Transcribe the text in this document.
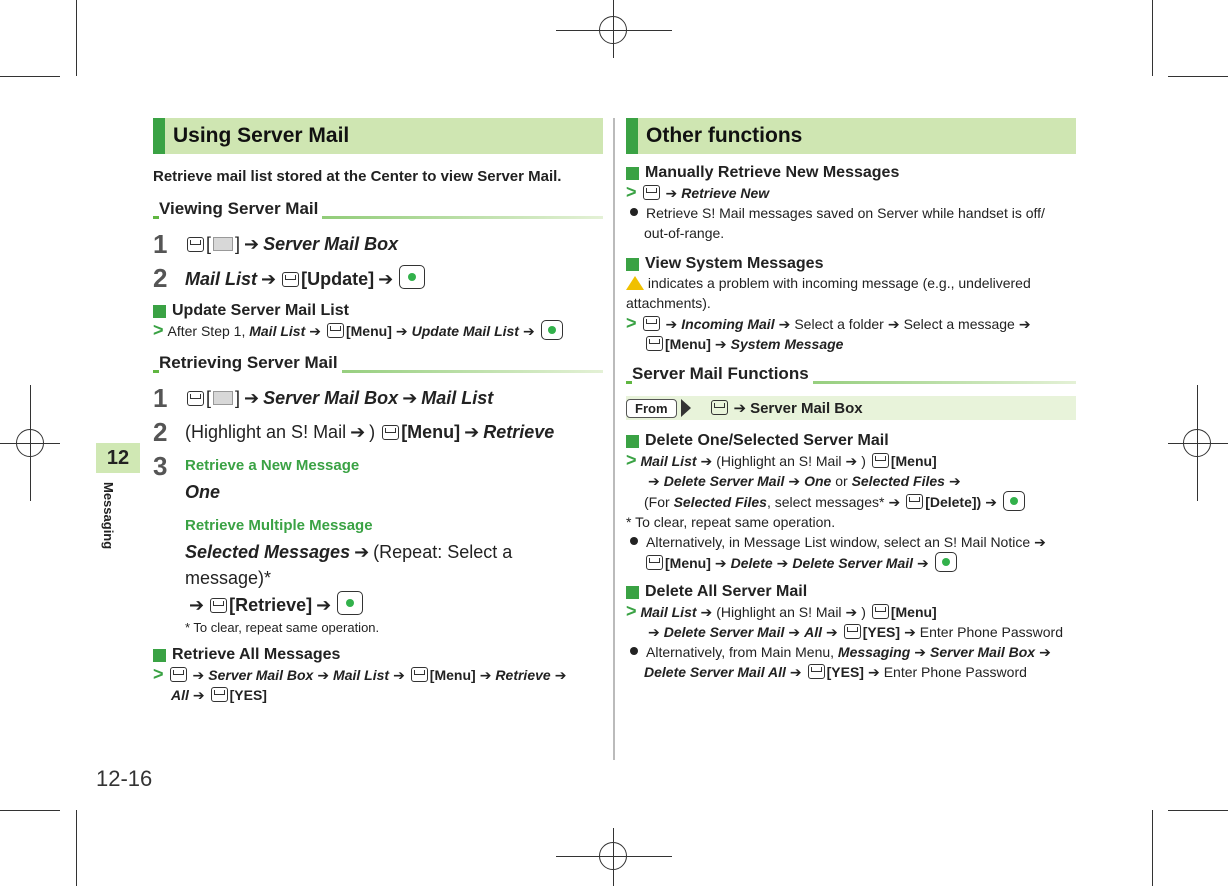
12
Messaging
12-16
Using Server Mail
Retrieve mail list stored at the Center to view Server Mail.
Viewing Server Mail
1	[ ] ➔ Server Mail Box
2 Mail List ➔ [Update] ➔
Update Server Mail List
> After Step 1, Mail List ➔ [Menu] ➔ Update Mail List ➔
Retrieving Server Mail
1	[ ] ➔ Server Mail Box ➔ Mail List
2 (Highlight an S! Mail ➔ ) [Menu] ➔ Retrieve
3	Retrieve a New Message
One
Retrieve Multiple Message
Selected Messages ➔ (Repeat: Select a message)*
➔ [Retrieve] ➔
* To clear, repeat same operation.
Retrieve All Messages
> ➔ Server Mail Box ➔ Mail List ➔ [Menu] ➔ Retrieve ➔
All ➔ [YES]
Other functions
Manually Retrieve New Messages
> ➔ Retrieve New
Retrieve S! Mail messages saved on Server while handset is off/
out-of-range.
View System Messages
indicates a problem with incoming message (e.g., undelivered
attachments).
> ➔ Incoming Mail ➔ Select a folder ➔ Select a message ➔
[Menu] ➔ System Message
Server Mail Functions
From	➔ Server Mail Box
Delete One/Selected Server Mail
> Mail List ➔ (Highlight an S! Mail ➔ ) [Menu]
➔ Delete Server Mail ➔ One or Selected Files ➔
(For Selected Files, select messages* ➔ [Delete]) ➔
* To clear, repeat same operation.
Alternatively, in Message List window, select an S! Mail Notice ➔
[Menu] ➔ Delete ➔ Delete Server Mail ➔
Delete All Server Mail
> Mail List ➔ (Highlight an S! Mail ➔ ) [Menu]
➔ Delete Server Mail ➔ All ➔ [YES] ➔ Enter Phone Password
Alternatively, from Main Menu, Messaging ➔ Server Mail Box ➔
Delete Server Mail All ➔ [YES] ➔ Enter Phone Password
